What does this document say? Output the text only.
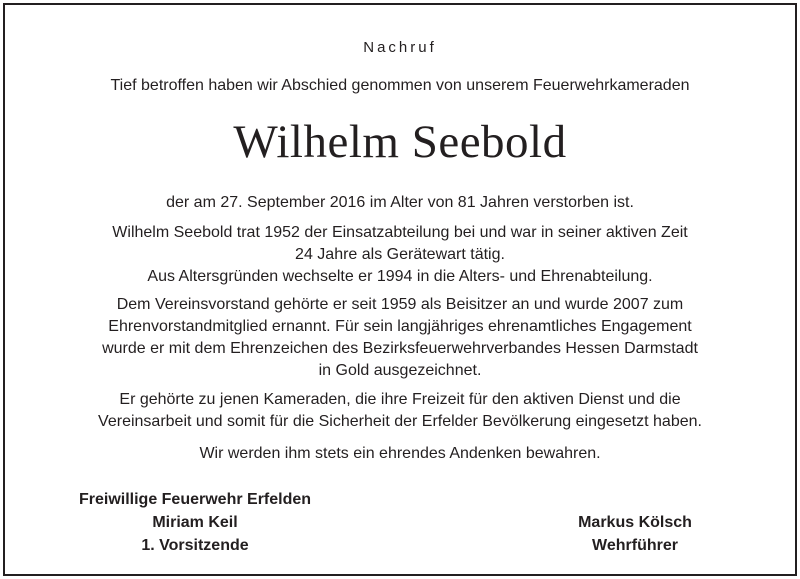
Nachruf
Tief betroffen haben wir Abschied genommen von unserem Feuerwehrkameraden
Wilhelm Seebold
der am 27. September 2016 im Alter von 81 Jahren verstorben ist.
Wilhelm Seebold trat 1952 der Einsatzabteilung bei und war in seiner aktiven Zeit
24 Jahre als Gerätewart tätig.
Aus Altersgründen wechselte er 1994 in die Alters- und Ehrenabteilung.
Dem Vereinsvorstand gehörte er seit 1959 als Beisitzer an und wurde 2007 zum
Ehrenvorstandmitglied ernannt. Für sein langjähriges ehrenamtliches Engagement
wurde er mit dem Ehrenzeichen des Bezirksfeuerwehrverbandes Hessen Darmstadt
in Gold ausgezeichnet.
Er gehörte zu jenen Kameraden, die ihre Freizeit für den aktiven Dienst und die
Vereinsarbeit und somit für die Sicherheit der Erfelder Bevölkerung eingesetzt haben.
Wir werden ihm stets ein ehrendes Andenken bewahren.
Freiwillige Feuerwehr Erfelden
Miriam Keil
1. Vorsitzende
Markus Kölsch
Wehrführer
